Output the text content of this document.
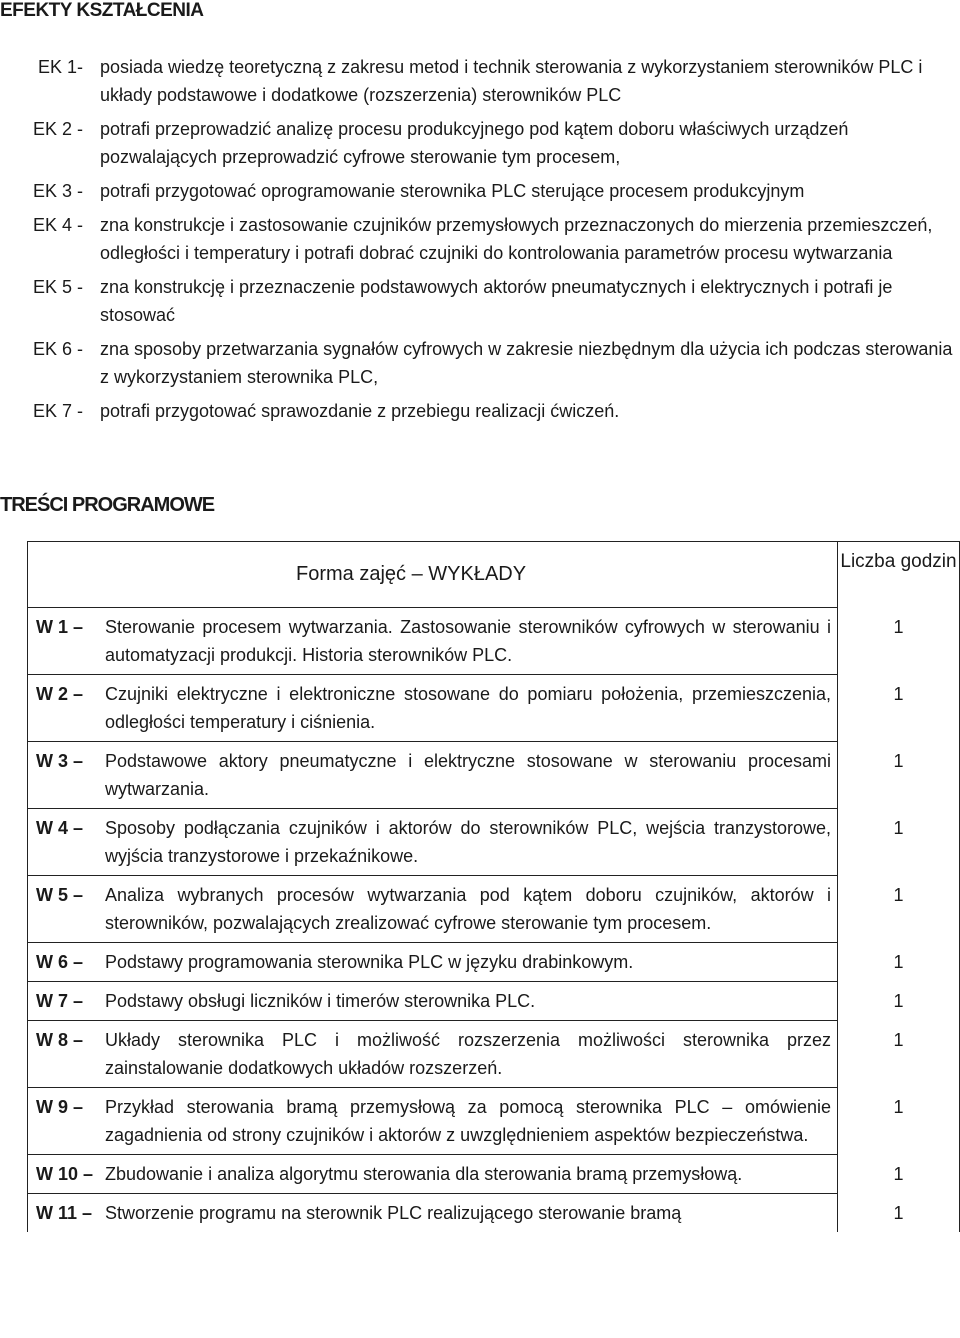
EFEKTY KSZTAŁCENIA
EK 1- posiada wiedzę teoretyczną z zakresu metod i technik sterowania z wykorzystaniem sterowników PLC i układy podstawowe i dodatkowe (rozszerzenia) sterowników PLC
EK 2 - potrafi przeprowadzić analizę procesu produkcyjnego pod kątem doboru właściwych urządzeń pozwalających przeprowadzić cyfrowe sterowanie tym procesem,
EK 3 - potrafi przygotować oprogramowanie sterownika PLC sterujące procesem produkcyjnym
EK 4 - zna konstrukcje i zastosowanie czujników przemysłowych przeznaczonych do mierzenia przemieszczeń, odległości i temperatury i potrafi dobrać czujniki do kontrolowania parametrów procesu wytwarzania
EK 5 - zna konstrukcję i przeznaczenie podstawowych aktorów pneumatycznych i elektrycznych i potrafi je stosować
EK 6 - zna sposoby przetwarzania sygnałów cyfrowych w zakresie niezbędnym dla użycia ich podczas sterowania z wykorzystaniem sterownika PLC,
EK 7 - potrafi przygotować sprawozdanie z przebiegu realizacji ćwiczeń.
TREŚCI PROGRAMOWE
Forma zajęć – WYKŁADY
Liczba godzin
W 1 –	Sterowanie procesem wytwarzania. Zastosowanie sterowników cyfrowych w sterowaniu i automatyzacji produkcji. Historia sterowników PLC.
1
W 2 –	Czujniki elektryczne i elektroniczne stosowane do pomiaru położenia, przemieszczenia, odległości temperatury i ciśnienia.
1
W 3 –	Podstawowe aktory pneumatyczne i elektryczne stosowane w sterowaniu procesami wytwarzania.
1
W 4 –	Sposoby podłączania czujników i aktorów do sterowników PLC, wejścia tranzystorowe, wyjścia tranzystorowe i przekaźnikowe.
1
W 5 –	Analiza wybranych procesów wytwarzania pod kątem doboru czujników, aktorów i sterowników, pozwalających zrealizować cyfrowe sterowanie tym procesem.
1
W 6 –	Podstawy programowania sterownika PLC w języku drabinkowym.	1
W 7 –	Podstawy obsługi liczników i timerów sterownika PLC.	1
W 8 –	Układy sterownika PLC i możliwość rozszerzenia możliwości sterownika przez zainstalowanie dodatkowych układów rozszerzeń.
1
W 9 –	Przykład sterowania bramą przemysłową za pomocą sterownika PLC – omówienie zagadnienia od strony czujników i aktorów z uwzględnieniem aspektów bezpieczeństwa.
1
W 10 – Zbudowanie i analiza algorytmu sterowania dla sterowania bramą przemysłową.	1
W 11 – Stworzenie programu na sterownik PLC realizującego sterowanie bramą	1
